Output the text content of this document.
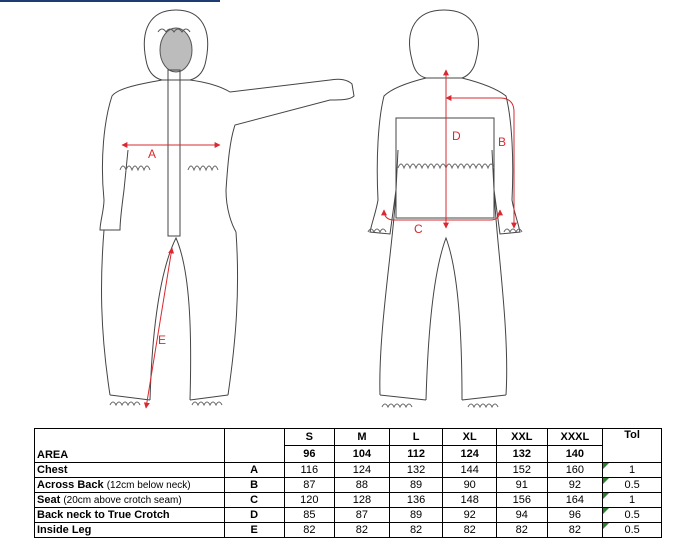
A
E
D	B
C
AREA		S	M	L	XL	XXL	XXXL	Tol
		96	104	112	124	132	140	
Chest	A	116	124	132	144	152	160	1
Across Back (12cm below neck)	B	87	88	89	90	91	92	0.5
Seat (20cm above crotch seam)	C	120	128	136	148	156	164	1
Back neck to True Crotch	D	85	87	89	92	94	96	0.5
Inside Leg	E	82	82	82	82	82	82	0.5
